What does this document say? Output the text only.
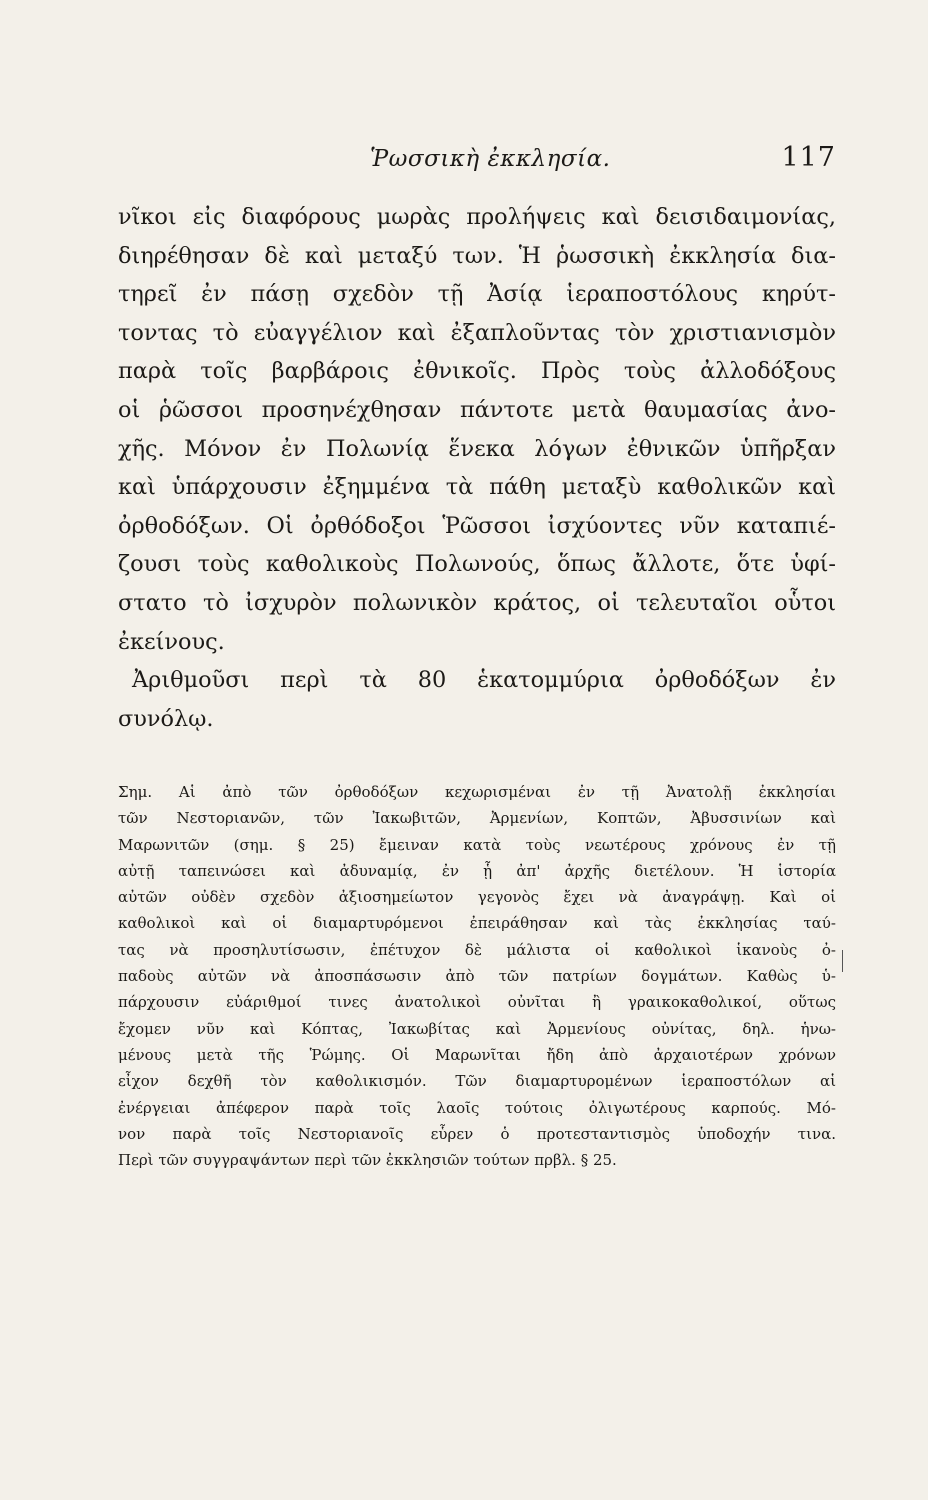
Ῥωσσικὴ ἐκκλησία.	117
νῖκοι εἰς διαφόρους μωρὰς προλήψεις καὶ δεισιδαιμονίας,
διηρέθησαν δὲ καὶ μεταξύ των. Ἡ ῥωσσικὴ ἐκκλησία δια-
τηρεῖ ἐν πάσῃ σχεδὸν τῇ Ἀσίᾳ ἱεραποστόλους κηρύτ-
τοντας τὸ εὐαγγέλιον καὶ ἐξαπλοῦντας τὸν χριστιανισμὸν
παρὰ τοῖς βαρβάροις ἐθνικοῖς. Πρὸς τοὺς ἀλλοδόξους
οἱ ῥῶσσοι προσηνέχθησαν πάντοτε μετὰ θαυμασίας ἀνο-
χῆς. Μόνον ἐν Πολωνίᾳ ἕνεκα λόγων ἐθνικῶν ὑπῆρξαν
καὶ ὑπάρχουσιν ἐξημμένα τὰ πάθη μεταξὺ καθολικῶν καὶ
ὀρθοδόξων. Οἱ ὀρθόδοξοι Ῥῶσσοι ἰσχύοντες νῦν καταπιέ-
ζουσι τοὺς καθολικοὺς Πολωνούς, ὅπως ἄλλοτε, ὅτε ὑφί-
στατο τὸ ἰσχυρὸν πολωνικὸν κράτος, οἱ τελευταῖοι οὗτοι
ἐκείνους.
Ἀριθμοῦσι περὶ τὰ 80 ἑκατομμύρια ὀρθοδόξων ἐν
συνόλῳ.
Σημ. Αἱ ἀπὸ τῶν ὀρθοδόξων κεχωρισμέναι ἐν τῇ Ἀνατολῇ ἐκκλησίαι
τῶν Νεστοριανῶν, τῶν Ἰακωβιτῶν, Ἀρμενίων, Κοπτῶν, Ἀβυσσινίων καὶ
Μαρωνιτῶν (σημ. § 25) ἔμειναν κατὰ τοὺς νεωτέρους χρόνους ἐν τῇ
αὐτῇ ταπεινώσει καὶ ἀδυναμίᾳ, ἐν ᾗ ἀπ' ἀρχῆς διετέλουν. Ἡ ἱστορία
αὐτῶν οὐδὲν σχεδὸν ἀξιοσημείωτον γεγονὸς ἔχει νὰ ἀναγράψῃ. Καὶ οἱ
καθολικοὶ καὶ οἱ διαμαρτυρόμενοι ἐπειράθησαν καὶ τὰς ἐκκλησίας ταύ-
τας νὰ προσηλυτίσωσιν, ἐπέτυχον δὲ μάλιστα οἱ καθολικοὶ ἱκανοὺς ὀ-
παδοὺς αὐτῶν νὰ ἀποσπάσωσιν ἀπὸ τῶν πατρίων δογμάτων. Καθὼς ὑ-
πάρχουσιν εὐάριθμοί τινες ἀνατολικοὶ οὐνῖται ἢ γραικοκαθολικοί, οὕτως
ἔχομεν νῦν καὶ Κόπτας, Ἰακωβίτας καὶ Ἀρμενίους οὐνίτας, δηλ. ἡνω-
μένους μετὰ τῆς Ῥώμης. Οἱ Μαρωνῖται ἤδη ἀπὸ ἀρχαιοτέρων χρόνων
εἶχον δεχθῆ τὸν καθολικισμόν. Τῶν διαμαρτυρομένων ἱεραποστόλων αἱ
ἐνέργειαι ἀπέφερον παρὰ τοῖς λαοῖς τούτοις ὀλιγωτέρους καρπούς. Μό-
νον παρὰ τοῖς Νεστοριανοῖς εὗρεν ὁ προτεσταντισμὸς ὑποδοχήν τινα.
Περὶ τῶν συγγραψάντων περὶ τῶν ἐκκλησιῶν τούτων πρβλ. § 25.
